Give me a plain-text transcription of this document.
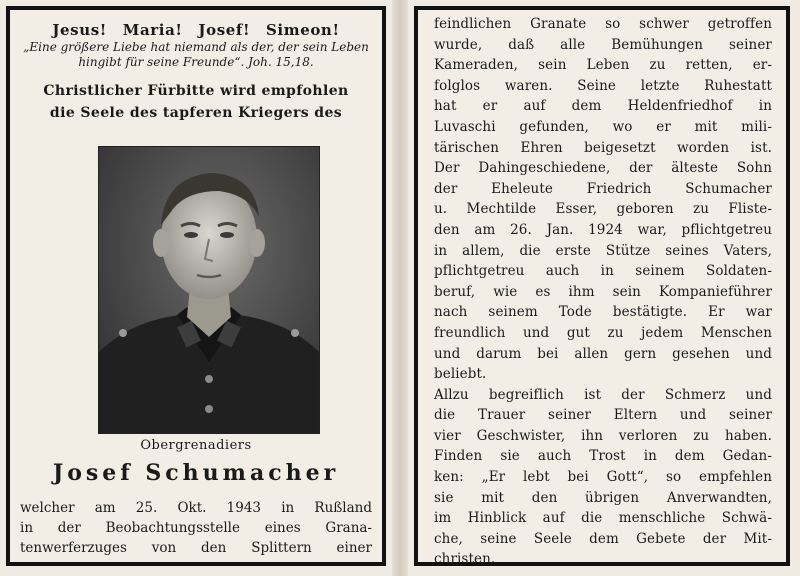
Jesus! Maria! Josef! Simeon!

„Eine größere Liebe hat niemand als der, der sein Leben hingibt für seine Freunde“. Joh. 15,18.

Christlicher Fürbitte wird empfohlen
die Seele des tapferen Kriegers des

Obergrenadiers
Josef Schumacher
welcher am 25. Okt. 1943 in Rußland
in der Beobachtungsstelle eines Grana-
tenwerferzuges von den Splittern einer
feindlichen Granate so schwer getroffen
wurde, daß alle Bemühungen seiner
Kameraden, sein Leben zu retten, er-
folglos waren. Seine letzte Ruhestatt
hat er auf dem Heldenfriedhof in
Luvaschi gefunden, wo er mit mili-
tärischen Ehren beigesetzt worden ist.
Der Dahingeschiedene, der älteste Sohn
der Eheleute Friedrich Schumacher
u. Mechtilde Esser, geboren zu Fliste-
den am 26. Jan. 1924 war, pflichtgetreu
in allem, die erste Stütze seines Vaters,
pflichtgetreu auch in seinem Soldaten-
beruf, wie es ihm sein Kompanieführer
nach seinem Tode bestätigte. Er war
freundlich und gut zu jedem Menschen
und darum bei allen gern gesehen und
beliebt.
Allzu begreiflich ist der Schmerz und
die Trauer seiner Eltern und seiner
vier Geschwister, ihn verloren zu haben.
Finden sie auch Trost in dem Gedan-
ken: „Er lebt bei Gott“, so empfehlen
sie mit den übrigen Anverwandten,
im Hinblick auf die menschliche Schwä-
che, seine Seele dem Gebete der Mit-
christen.
